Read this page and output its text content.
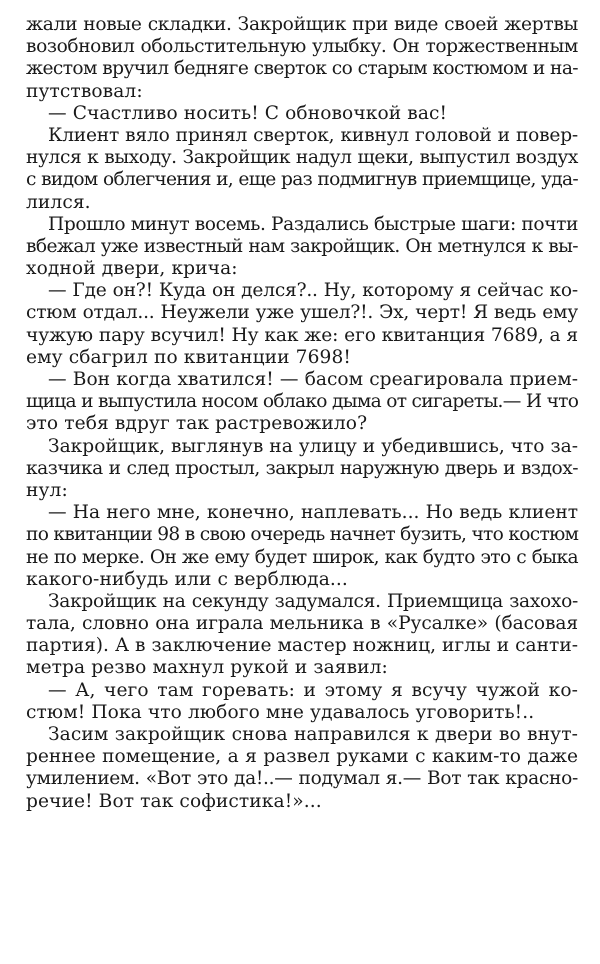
жали новые складки. Закройщик при виде своей жертвы
возобновил обольстительную улыбку. Он торжественным
жестом вручил бедняге сверток со старым костюмом и на-
путствовал:
— Счастливо носить! С обновочкой вас!
Клиент вяло принял сверток, кивнул головой и повер-
нулся к выходу. Закройщик надул щеки, выпустил воздух
с видом облегчения и, еще раз подмигнув приемщице, уда-
лился.
Прошло минут восемь. Раздались быстрые шаги: почти
вбежал уже известный нам закройщик. Он метнулся к вы-
ходной двери, крича:
— Где он?! Куда он делся?.. Ну, которому я сейчас ко-
стюм отдал... Неужели уже ушел?!. Эх, черт! Я ведь ему
чужую пару всучил! Ну как же: его квитанция 7689, а я
ему сбагрил по квитанции 7698!
— Вон когда хватился! — басом среагировала прием-
щица и выпустила носом облако дыма от сигареты.— И что
это тебя вдруг так растревожило?
Закройщик, выглянув на улицу и убедившись, что за-
казчика и след простыл, закрыл наружную дверь и вздох-
нул:
— На него мне, конечно, наплевать... Но ведь клиент
по квитанции 98 в свою очередь начнет бузить, что костюм
не по мерке. Он же ему будет широк, как будто это с быка
какого-нибудь или с верблюда...
Закройщик на секунду задумался. Приемщица захохо-
тала, словно она играла мельника в «Русалке» (басовая
партия). А в заключение мастер ножниц, иглы и санти-
метра резво махнул рукой и заявил:
— А, чего там горевать: и этому я всучу чужой ко-
стюм! Пока что любого мне удавалось уговорить!..
Засим закройщик снова направился к двери во внут-
реннее помещение, а я развел руками с каким-то даже
умилением. «Вот это да!..— подумал я.— Вот так красно-
речие! Вот так софистика!»...
